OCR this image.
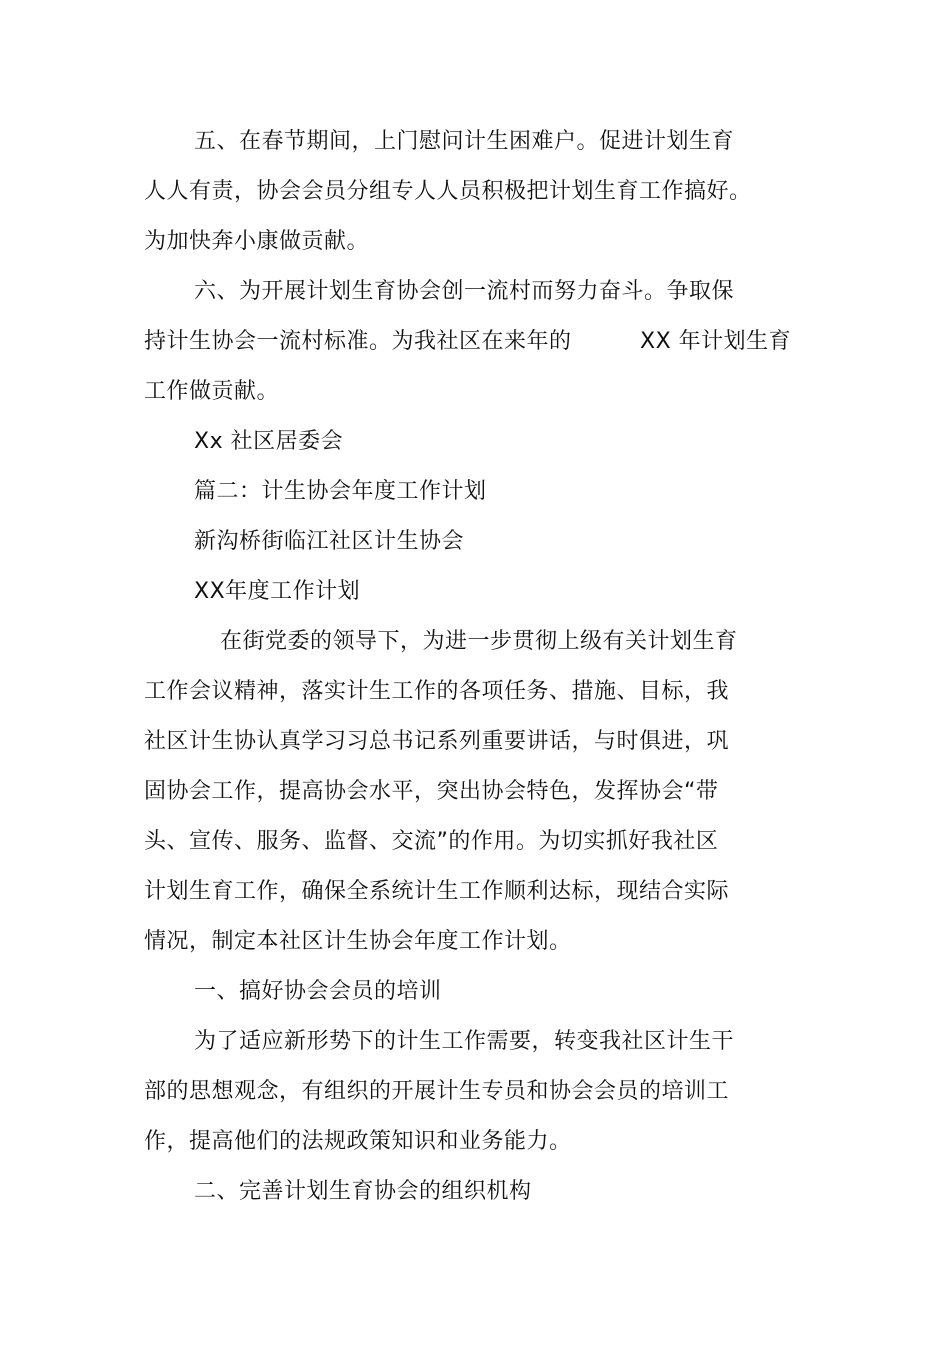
五、在春节期间，上门慰问计生困难户。促进计划生育
人人有责，协会会员分组专人人员积极把计划生育工作搞好。
为加快奔小康做贡献。
六、为开展计划生育协会创一流村而努力奋斗。争取保
持计生协会一流村标准。为我社区在来年的	XX 年计划生育
工作做贡献。
Xx 社区居委会
篇二：计生协会年度工作计划
新沟桥街临江社区计生协会
XX年度工作计划
在街党委的领导下，为进一步贯彻上级有关计划生育
工作会议精神，落实计生工作的各项任务、措施、目标，我
社区计生协认真学习习总书记系列重要讲话，与时俱进，巩
固协会工作，提高协会水平，突出协会特色，发挥协会“带
头、宣传、服务、监督、交流”的作用。为切实抓好我社区
计划生育工作，确保全系统计生工作顺利达标，现结合实际
情况，制定本社区计生协会年度工作计划。
一、搞好协会会员的培训
为了适应新形势下的计生工作需要，转变我社区计生干
部的思想观念，有组织的开展计生专员和协会会员的培训工
作，提高他们的法规政策知识和业务能力。
二、完善计划生育协会的组织机构
